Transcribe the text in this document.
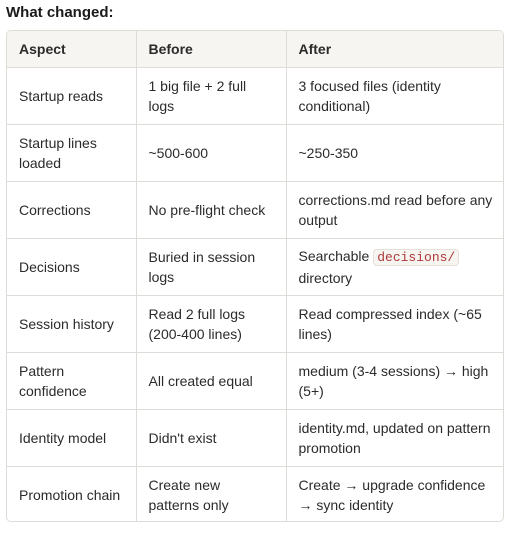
What changed:
Aspect	Before	After
Startup reads	1 big file + 2 full logs	3 focused files (identity conditional)
Startup lines loaded	~500-600	~250-350
Corrections	No pre-flight check	corrections.md read before any output
Decisions	Buried in session logs	Searchable decisions/ directory
Session history	Read 2 full logs (200-400 lines)	Read compressed index (~65 lines)
Pattern confidence	All created equal	medium (3-4 sessions) → high (5+)
Identity model	Didn't exist	identity.md, updated on pattern promotion
Promotion chain	Create new patterns only	Create → upgrade confidence → sync identity
